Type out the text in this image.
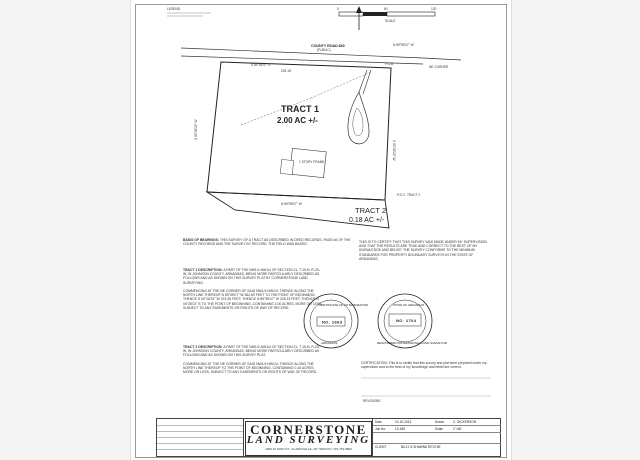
LEGEND	0	60	120
SCALE
COUNTY ROAD 840
(PUBLIC)
N 89°55'07" W
NE CORNER
S 89°55'07" E
225.15'
P.O.B.
S 00°28'22" W
S 00°28'22" W
N 89°55'07" W
TRACT 1
2.00 AC +/-
1 STORY FRAME
P.O.C. TRACT 2
TRACT 2
0.18 AC +/-
NO. 1663
CERTIFICATE OF AUTHORIZATION
ARKANSAS
STATE OF ARKANSAS
NO. 1704
REGISTERED PROFESSIONAL LAND SURVEYOR
REVISIONS
BASIS OF BEARINGS: THIS SURVEY OF A TRACT AS DESCRIBED IN DEED RECORDS, PAGE ## OF THE COUNTY RECORDS AND THE SURVEY BY RECORD. THE FIELD WAS BASED.
THIS IS TO CERTIFY THAT THIS SURVEY WAS MADE UNDER MY SUPERVISION AND THAT THE RESULTS ARE TRUE AND CORRECT TO THE BEST OF MY KNOWLEDGE AND BELIEF. THE SURVEY CONFORMS TO THE MINIMUM STANDARDS FOR PROPERTY BOUNDARY SURVEYS IN THE STATE OF ARKANSAS.
TRACT 1 DESCRIPTION: A PART OF THE NW1/4 NW1/4 OF SECTION 21, T-15-N, R-20-W, IN JOHNSON COUNTY, ARKANSAS, BEING MORE PARTICULARLY DESCRIBED AS FOLLOWS AND AS SHOWN ON THIS SURVEY PLAT BY CORNERSTONE LAND SURVEYING.

COMMENCING AT THE NE CORNER OF SAID NW1/4 NW1/4; THENCE ALONG THE NORTH LINE THEREOF N 89°55'07" W 362.69 FEET TO THE POINT OF BEGINNING; THENCE S 00°28'22" W 374.35 FEET; THENCE N 89°55'07" W 225.15 FEET; THENCE N 00°28'22" E TO THE POINT OF BEGINNING, CONTAINING 2.00 ACRES, MORE OR LESS, SUBJECT TO ANY EASEMENTS OR RIGHTS OF WAY OF RECORD.
TRACT 2 DESCRIPTION: A PART OF THE NW1/4 NW1/4 OF SECTION 21, T-15-N, R-20-W, IN JOHNSON COUNTY, ARKANSAS, BEING MORE PARTICULARLY DESCRIBED AS FOLLOWS AND AS SHOWN ON THIS SURVEY PLAT.

COMMENCING AT THE NE CORNER OF SAID NW1/4 NW1/4; THENCE ALONG THE NORTH LINE THEREOF TO THE POINT OF BEGINNING, CONTAINING 0.18 ACRES, MORE OR LESS, SUBJECT TO ANY EASEMENTS OR RIGHTS OF WAY OF RECORD.
CERTIFICATION: This is to certify that this survey and plat were prepared under my supervision and to the best of my knowledge and belief are correct.
CORNERSTONE
LAND SURVEYING
1909 W. MAIN ST., CLARKSVILLE, AR 72830 PH: 479-754-5800
Date	10-10-2013	Drawn	C. DICKERSON
Job No.	13-185	Scale	1"=60'
CLIENT	BILLY & SHAWNA RITCHIE
